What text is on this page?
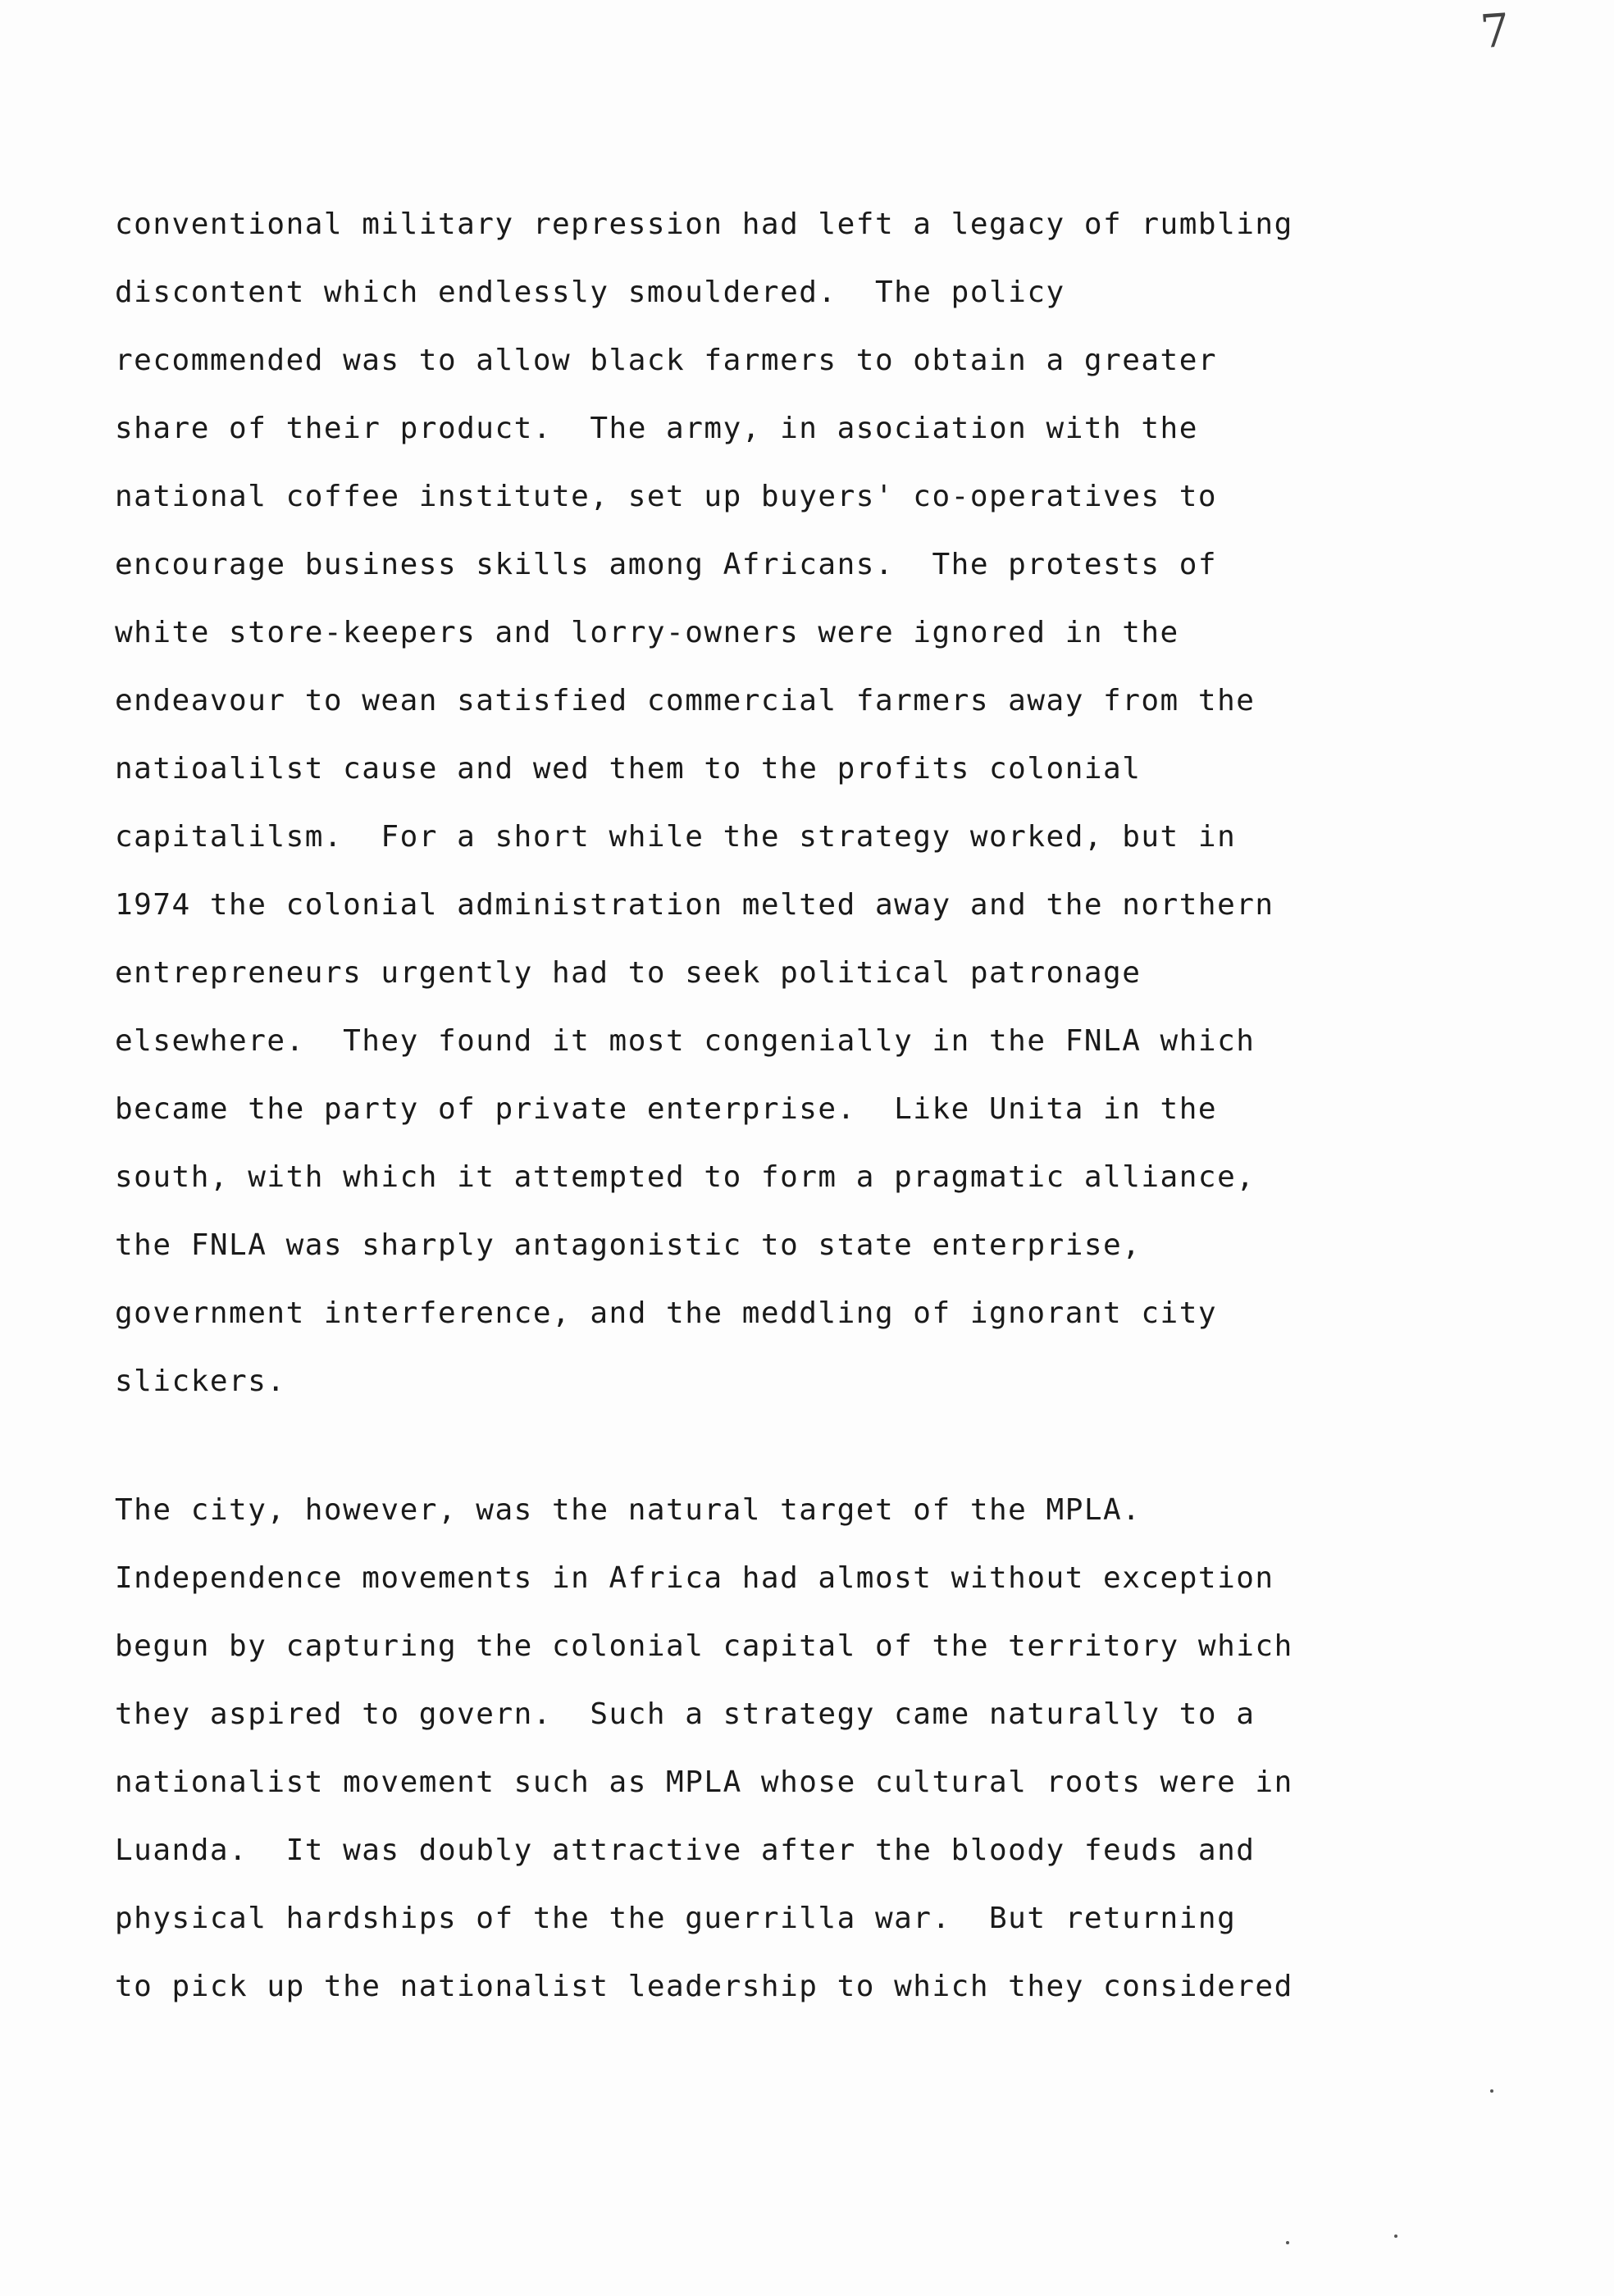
7
conventional military repression had left a legacy of rumbling
discontent which endlessly smouldered.  The policy
recommended was to allow black farmers to obtain a greater
share of their product.  The army, in asociation with the
national coffee institute, set up buyers' co-operatives to
encourage business skills among Africans.  The protests of
white store-keepers and lorry-owners were ignored in the
endeavour to wean satisfied commercial farmers away from the
natioalilst cause and wed them to the profits colonial
capitalilsm.  For a short while the strategy worked, but in
1974 the colonial administration melted away and the northern
entrepreneurs urgently had to seek political patronage
elsewhere.  They found it most congenially in the FNLA which
became the party of private enterprise.  Like Unita in the
south, with which it attempted to form a pragmatic alliance,
the FNLA was sharply antagonistic to state enterprise,
government interference, and the meddling of ignorant city
slickers.
The city, however, was the natural target of the MPLA.
Independence movements in Africa had almost without exception
begun by capturing the colonial capital of the territory which
they aspired to govern.  Such a strategy came naturally to a
nationalist movement such as MPLA whose cultural roots were in
Luanda.  It was doubly attractive after the bloody feuds and
physical hardships of the the guerrilla war.  But returning
to pick up the nationalist leadership to which they considered
